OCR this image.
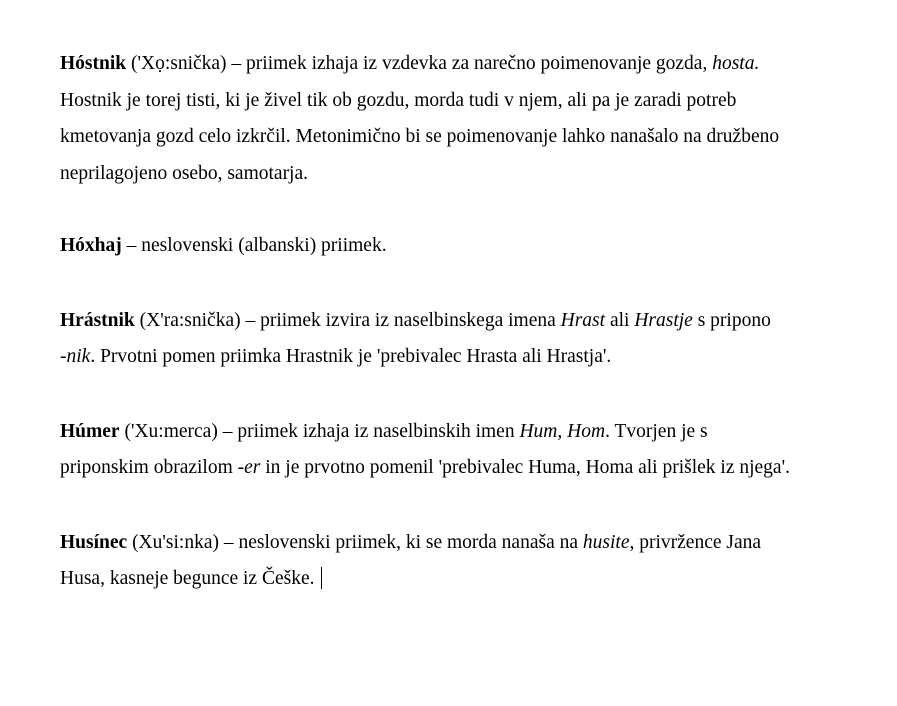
Hóstnik ('Xọ:snička) – priimek izhaja iz vzdevka za narečno poimenovanje gozda, hosta.
Hostnik je torej tisti, ki je živel tik ob gozdu, morda tudi v njem, ali pa je zaradi potreb
kmetovanja gozd celo izkrčil. Metonimično bi se poimenovanje lahko nanašalo na družbeno
neprilagojeno osebo, samotarja.
Hóxhaj – neslovenski (albanski) priimek.
Hrástnik (X'ra:snička) – priimek izvira iz naselbinskega imena Hrast ali Hrastje s pripono
-nik. Prvotni pomen priimka Hrastnik je 'prebivalec Hrasta ali Hrastja'.
Húmer ('Xu:merca) – priimek izhaja iz naselbinskih imen Hum, Hom. Tvorjen je s
priponskim obrazilom -er in je prvotno pomenil 'prebivalec Huma, Homa ali prišlek iz njega'.
Husínec (Xu'si:nka) – neslovenski priimek, ki se morda nanaša na husite, privržence Jana
Husa, kasneje begunce iz Češke.
